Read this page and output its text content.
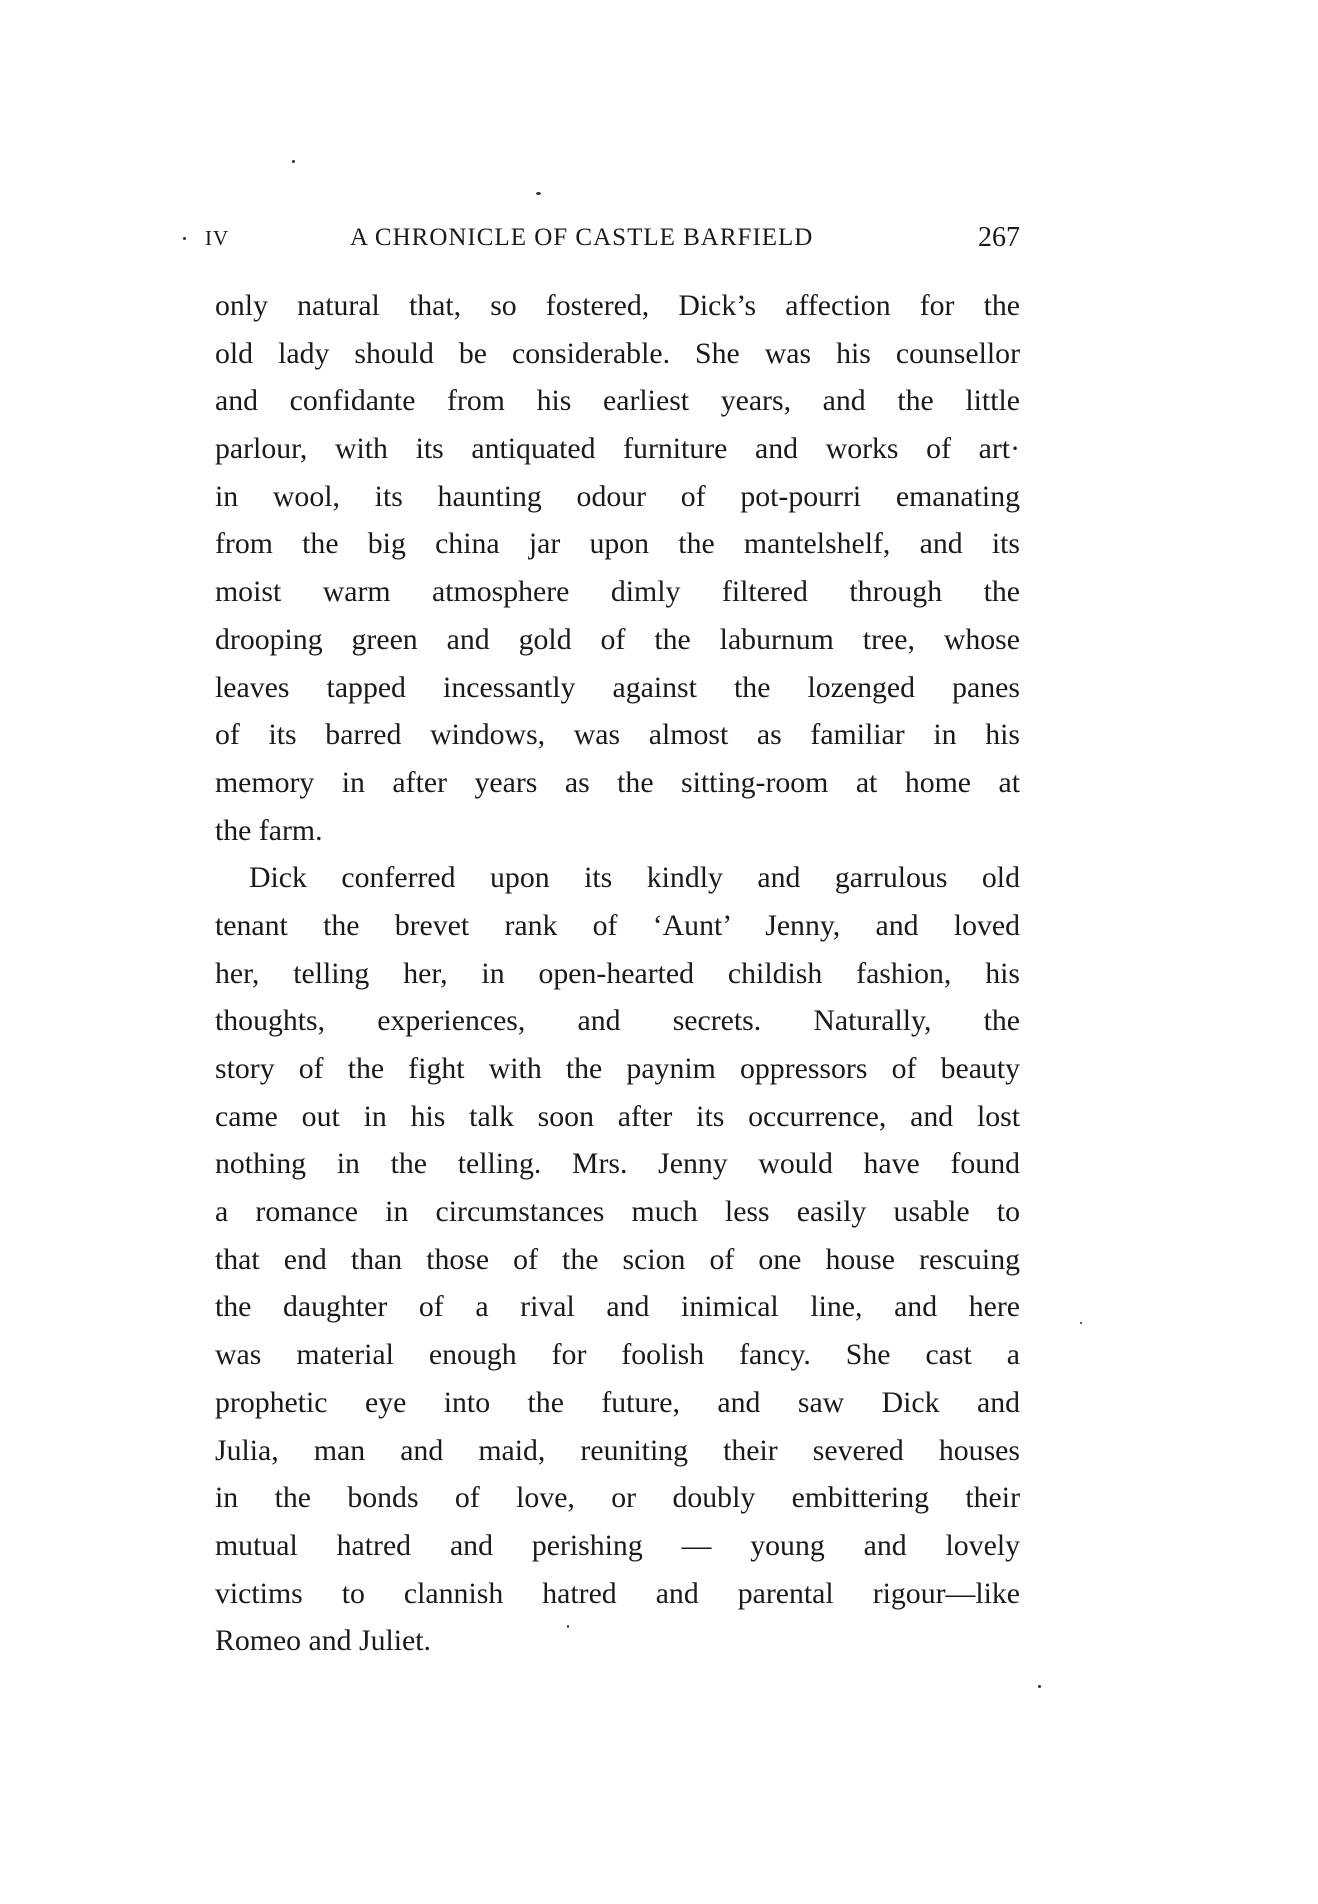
IV	A CHRONICLE OF CASTLE BARFIELD	267
only natural that, so fostered, Dick’s affection for the
old lady should be considerable. She was his counsellor
and confidante from his earliest years, and the little
parlour, with its antiquated furniture and works of art·
in wool, its haunting odour of pot-pourri emanating
from the big china jar upon the mantelshelf, and its
moist warm atmosphere dimly filtered through the
drooping green and gold of the laburnum tree, whose
leaves tapped incessantly against the lozenged panes
of its barred windows, was almost as familiar in his
memory in after years as the sitting-room at home at
the farm.
Dick conferred upon its kindly and garrulous old
tenant the brevet rank of ‘Aunt’ Jenny, and loved
her, telling her, in open-hearted childish fashion, his
thoughts, experiences, and secrets. Naturally, the
story of the fight with the paynim oppressors of beauty
came out in his talk soon after its occurrence, and lost
nothing in the telling. Mrs. Jenny would have found
a romance in circumstances much less easily usable to
that end than those of the scion of one house rescuing
the daughter of a rival and inimical line, and here
was material enough for foolish fancy. She cast a
prophetic eye into the future, and saw Dick and
Julia, man and maid, reuniting their severed houses
in the bonds of love, or doubly embittering their
mutual hatred and perishing — young and lovely
victims to clannish hatred and parental rigour—like
Romeo and Juliet.
